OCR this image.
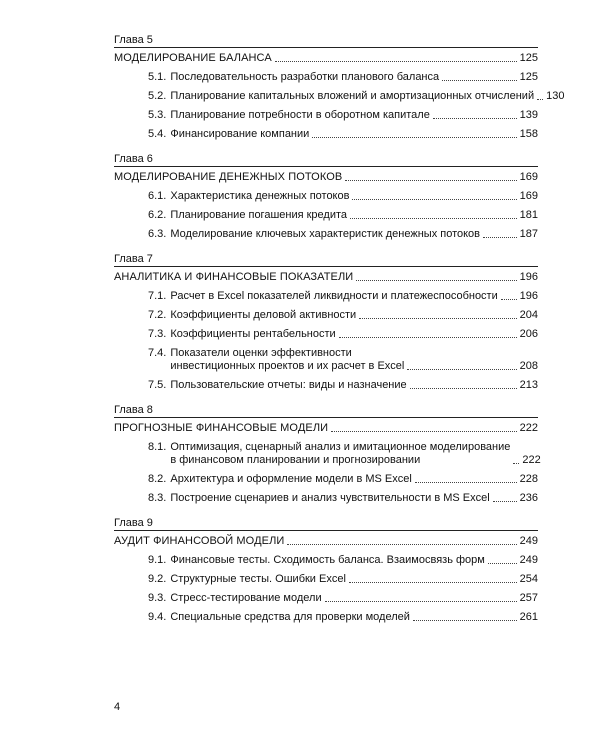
Глава 5
МОДЕЛИРОВАНИЕ БАЛАНСА	125
5.1. Последовательность разработки планового баланса	125
5.2. Планирование капитальных вложений и амортизационных отчислений 130
5.3. Планирование потребности в оборотном капитале	139
5.4. Финансирование компании	158
Глава 6
МОДЕЛИРОВАНИЕ ДЕНЕЖНЫХ ПОТОКОВ	169
6.1. Характеристика денежных потоков	169
6.2. Планирование погашения кредита	181
6.3. Моделирование ключевых характеристик денежных потоков	187
Глава 7
АНАЛИТИКА И ФИНАНСОВЫЕ ПОКАЗАТЕЛИ	196
7.1. Расчет в Excel показателей ликвидности и платежеспособности 196
7.2. Коэффициенты деловой активности	204
7.3. Коэффициенты рентабельности	206
7.4. Показатели оценки эффективности
инвестиционных проектов и их расчет в Excel	208
7.5. Пользовательские отчеты: виды и назначение	213
Глава 8
ПРОГНОЗНЫЕ ФИНАНСОВЫЕ МОДЕЛИ	222
8.1. Оптимизация, сценарный анализ и имитационное моделирование
в финансовом планировании и прогнозировании	222
8.2. Архитектура и оформление модели в MS Excel	228
8.3. Построение сценариев и анализ чувствительности в MS Excel	236
Глава 9
АУДИТ ФИНАНСОВОЙ МОДЕЛИ	249
9.1. Финансовые тесты. Сходимость баланса. Взаимосвязь форм	249
9.2. Структурные тесты. Ошибки Excel	254
9.3. Стресс-тестирование модели	257
9.4. Специальные средства для проверки моделей	261
4
